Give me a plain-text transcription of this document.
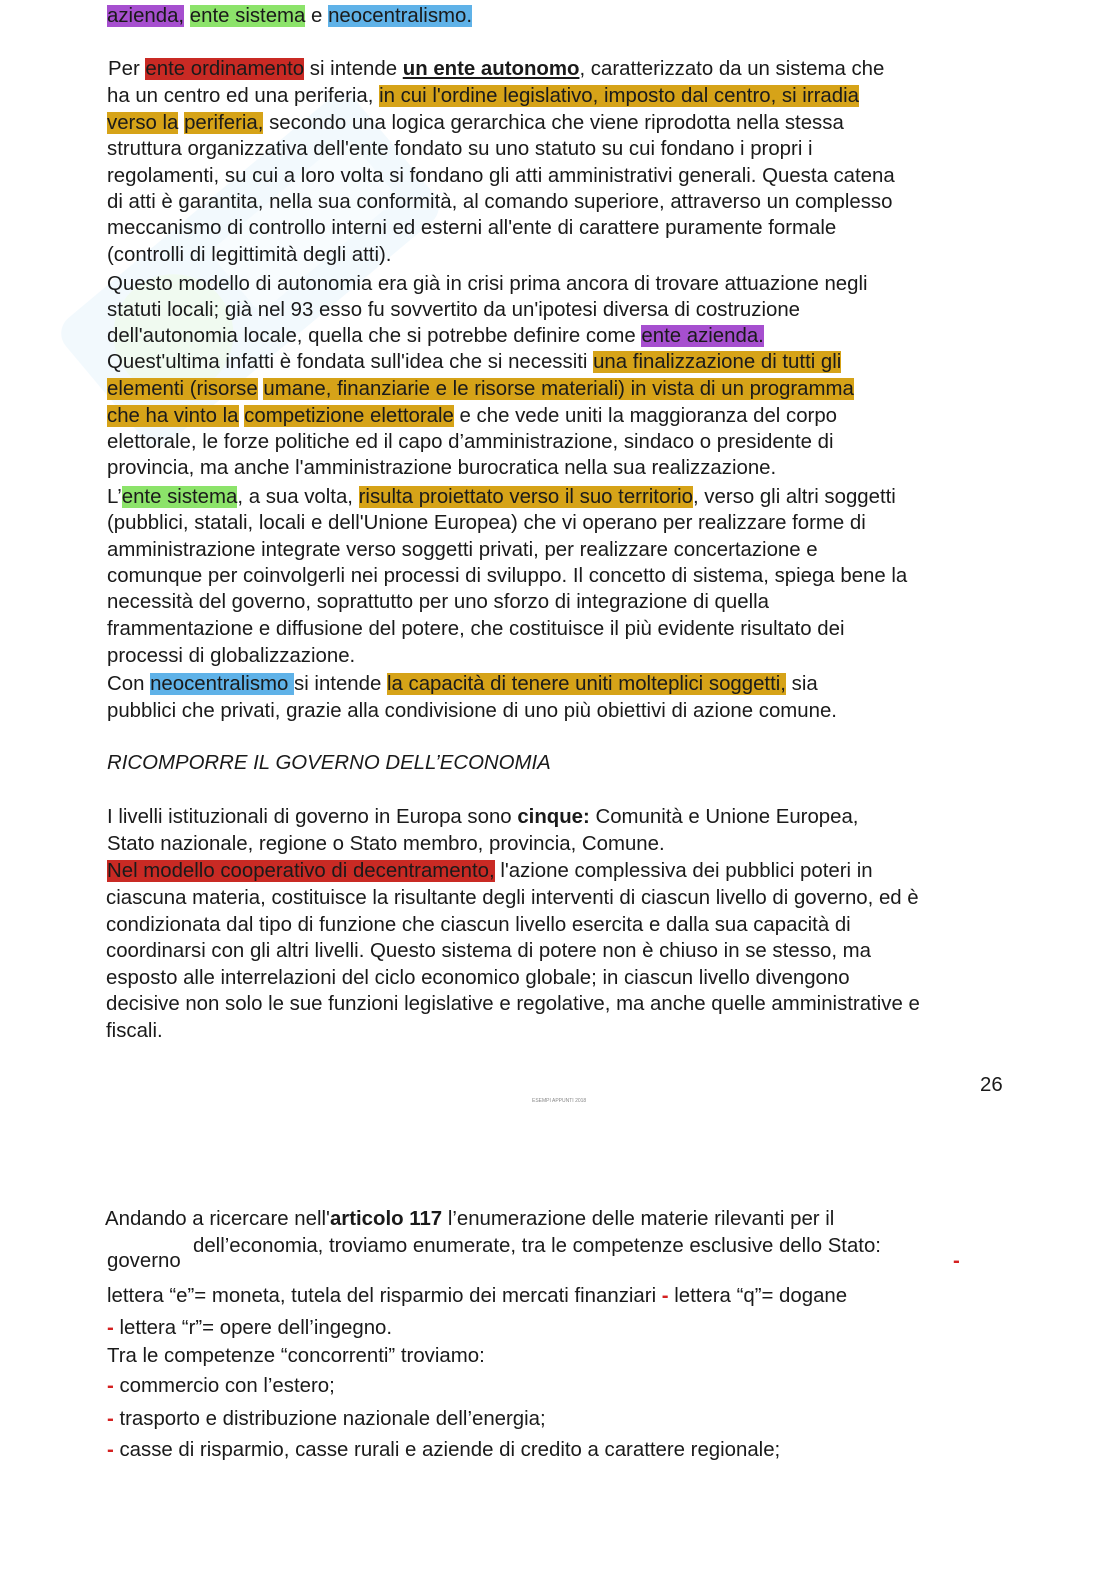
azienda, ente sistema e neocentralismo.
Per ente ordinamento si intende un ente autonomo, caratterizzato da un sistema che
ha un centro ed una periferia, in cui l'ordine legislativo, imposto dal centro, si irradia
verso la periferia, secondo una logica gerarchica che viene riprodotta nella stessa
struttura organizzativa dell'ente fondato su uno statuto su cui fondano i propri i
regolamenti, su cui a loro volta si fondano gli atti amministrativi generali. Questa catena
di atti è garantita, nella sua conformità, al comando superiore, attraverso un complesso
meccanismo di controllo interni ed esterni all'ente di carattere puramente formale
(controlli di legittimità degli atti).
Questo modello di autonomia era già in crisi prima ancora di trovare attuazione negli
statuti locali; già nel 93 esso fu sovvertito da un'ipotesi diversa di costruzione
dell'autonomia locale, quella che si potrebbe definire come ente azienda.
Quest'ultima infatti è fondata sull'idea che si necessiti una finalizzazione di tutti gli
elementi (risorse umane, finanziarie e le risorse materiali) in vista di un programma
che ha vinto la competizione elettorale e che vede uniti la maggioranza del corpo
elettorale, le forze politiche ed il capo d’amministrazione, sindaco o presidente di
provincia, ma anche l'amministrazione burocratica nella sua realizzazione.
L’ente sistema, a sua volta, risulta proiettato verso il suo territorio, verso gli altri soggetti
(pubblici, statali, locali e dell'Unione Europea) che vi operano per realizzare forme di
amministrazione integrate verso soggetti privati, per realizzare concertazione e
comunque per coinvolgerli nei processi di sviluppo. Il concetto di sistema, spiega bene la
necessità del governo, soprattutto per uno sforzo di integrazione di quella
frammentazione e diffusione del potere, che costituisce il più evidente risultato dei
processi di globalizzazione.
Con neocentralismo si intende la capacità di tenere uniti molteplici soggetti, sia
pubblici che privati, grazie alla condivisione di uno più obiettivi di azione comune.
RICOMPORRE IL GOVERNO DELL’ECONOMIA
I livelli istituzionali di governo in Europa sono cinque: Comunità e Unione Europea,
Stato nazionale, regione o Stato membro, provincia, Comune.
Nel modello cooperativo di decentramento, l'azione complessiva dei pubblici poteri in
ciascuna materia, costituisce la risultante degli interventi di ciascun livello di governo, ed è
condizionata dal tipo di funzione che ciascun livello esercita e dalla sua capacità di
coordinarsi con gli altri livelli. Questo sistema di potere non è chiuso in se stesso, ma
esposto alle interrelazioni del ciclo economico globale; in ciascun livello divengono
decisive non solo le sue funzioni legislative e regolative, ma anche quelle amministrative e
fiscali.
26
ESEMPI APPUNTI 2018
Andando a ricercare nell'articolo 117 l’enumerazione delle materie rilevanti per il
governo
dell’economia, troviamo enumerate, tra le competenze esclusive dello Stato:
-
lettera “e”= moneta, tutela del risparmio dei mercati finanziari - lettera “q”= dogane
- lettera “r”= opere dell’ingegno.
Tra le competenze “concorrenti” troviamo:
- commercio con l’estero;
- trasporto e distribuzione nazionale dell’energia;
- casse di risparmio, casse rurali e aziende di credito a carattere regionale;
